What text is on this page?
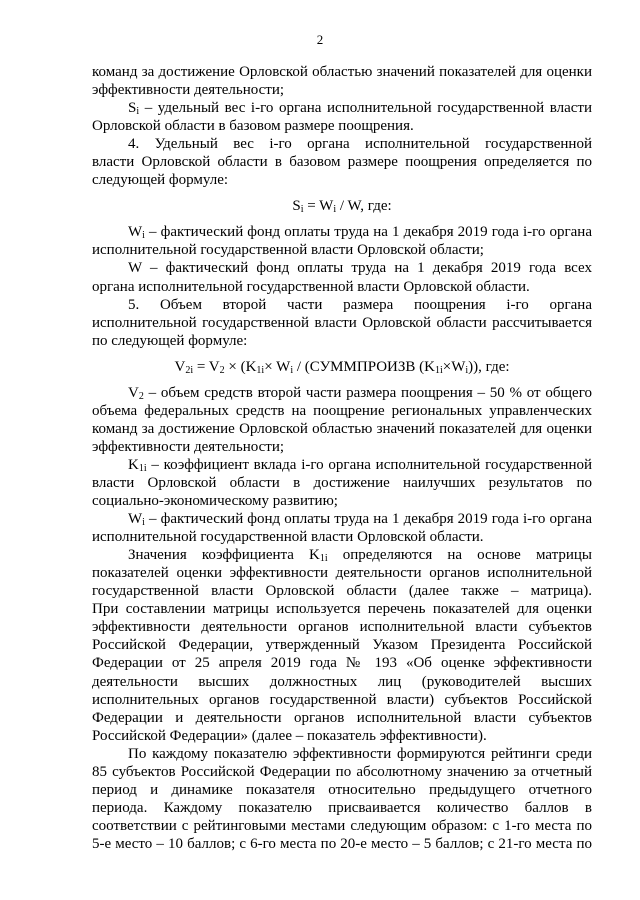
2
команд за достижение Орловской областью значений показателей для оценки
эффективности деятельности;
$S_i$ – удельный вес i-го органа исполнительной государственной власти
Орловской области в базовом размере поощрения.
4. Удельный вес i-го органа исполнительной государственной
власти Орловской области в базовом размере поощрения определяется по
следующей формуле:
$S_i = W_i / W$, где:
$W_i$ – фактический фонд оплаты труда на 1 декабря 2019 года i-го органа
исполнительной государственной власти Орловской области;
W – фактический фонд оплаты труда на 1 декабря 2019 года всех
органа исполнительной государственной власти Орловской области.
5. Объем второй части размера поощрения i-го органа
исполнительной государственной власти Орловской области рассчитывается
по следующей формуле:
$V_{2i} = V_2 \times (K_{1i}\times W_i$ / (СУММПРОИЗВ $(K_{1i}\times W_i)$), где:
$V_2$ – объем средств второй части размера поощрения – 50 % от общего
объема федеральных средств на поощрение региональных управленческих
команд за достижение Орловской областью значений показателей для оценки
эффективности деятельности;
$K_{1i}$ – коэффициент вклада i-го органа исполнительной государственной
власти Орловской области в достижение наилучших результатов по
социально-экономическому развитию;
$W_i$ – фактический фонд оплаты труда на 1 декабря 2019 года i-го органа
исполнительной государственной власти Орловской области.
Значения коэффициента $K_{1i}$ определяются на основе матрицы
показателей оценки эффективности деятельности органов исполнительной
государственной власти Орловской области (далее также – матрица).
При составлении матрицы используется перечень показателей для оценки
эффективности деятельности органов исполнительной власти субъектов
Российской Федерации, утвержденный Указом Президента Российской
Федерации от 25 апреля 2019 года № 193 «Об оценке эффективности
деятельности высших должностных лиц (руководителей высших
исполнительных органов государственной власти) субъектов Российской
Федерации и деятельности органов исполнительной власти субъектов
Российской Федерации» (далее – показатель эффективности).
По каждому показателю эффективности формируются рейтинги среди
85 субъектов Российской Федерации по абсолютному значению за отчетный
период и динамике показателя относительно предыдущего отчетного
периода. Каждому показателю присваивается количество баллов в
соответствии с рейтинговыми местами следующим образом: с 1-го места по
5-е место – 10 баллов; с 6-го места по 20-е место – 5 баллов; с 21-го места по
